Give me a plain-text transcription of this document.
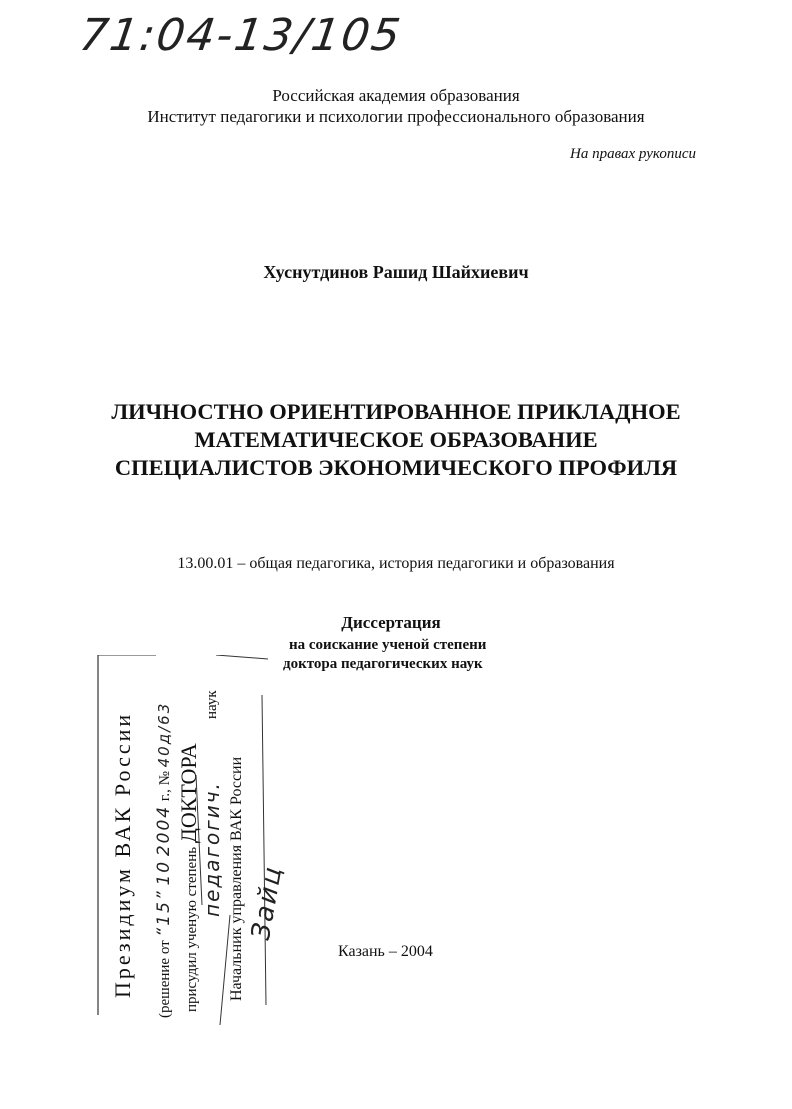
71:04-13/105
Российская академия образования
Институт педагогики и психологии профессионального образования
На правах рукописи
Хуснутдинов Рашид Шайхиевич
ЛИЧНОСТНО ОРИЕНТИРОВАННОЕ ПРИКЛАДНОЕ
МАТЕМАТИЧЕСКОЕ ОБРАЗОВАНИЕ
СПЕЦИАЛИСТОВ ЭКОНОМИЧЕСКОГО ПРОФИЛЯ
13.00.01 – общая педагогика, история педагогики и образования
Диссертация
на соискание ученой степени
доктора педагогических наук
Президиум ВАК России (решение от “15” 10 2004 г., № 40д/63
присудил ученую степень ДОКТОРА педагогич.
наук
Начальник управления ВАК России Зайц
Казань – 2004
